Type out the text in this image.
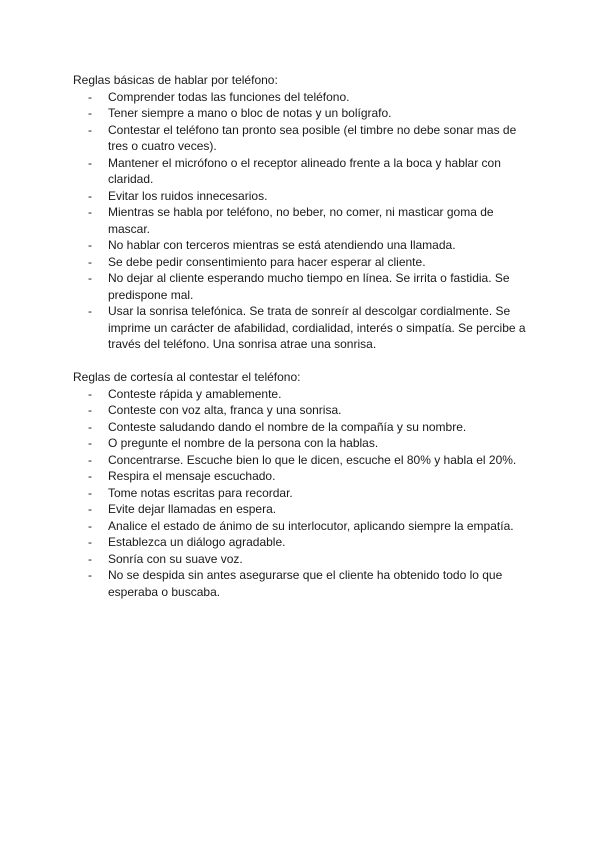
Reglas básicas de hablar por teléfono:

- Comprender todas las funciones del teléfono.
- Tener siempre a mano o bloc de notas y un bolígrafo.
- Contestar el teléfono tan pronto sea posible (el timbre no debe sonar mas de tres o cuatro veces).
- Mantener el micrófono o el receptor alineado frente a la boca y hablar con claridad.
- Evitar los ruidos innecesarios.
- Mientras se habla por teléfono, no beber, no comer, ni masticar goma de mascar.
- No hablar con terceros mientras se está atendiendo una llamada.
- Se debe pedir consentimiento para hacer esperar al cliente.
- No dejar al cliente esperando mucho tiempo en línea. Se irrita o fastidia. Se predispone mal.
- Usar la sonrisa telefónica. Se trata de sonreír al descolgar cordialmente. Se imprime un carácter de afabilidad, cordialidad, interés o simpatía. Se percibe a través del teléfono. Una sonrisa atrae una sonrisa.

Reglas de cortesía al contestar el teléfono:

- Conteste rápida y amablemente.
- Conteste con voz alta, franca y una sonrisa.
- Conteste saludando dando el nombre de la compañía y su nombre.
- O pregunte el nombre de la persona con la hablas.
- Concentrarse. Escuche bien lo que le dicen, escuche el 80% y habla el 20%.
- Respira el mensaje escuchado.
- Tome notas escritas para recordar.
- Evite dejar llamadas en espera.
- Analice el estado de ánimo de su interlocutor, aplicando siempre la empatía.
- Establezca un diálogo agradable.
- Sonría con su suave voz.
- No se despida sin antes asegurarse que el cliente ha obtenido todo lo que esperaba o buscaba.
